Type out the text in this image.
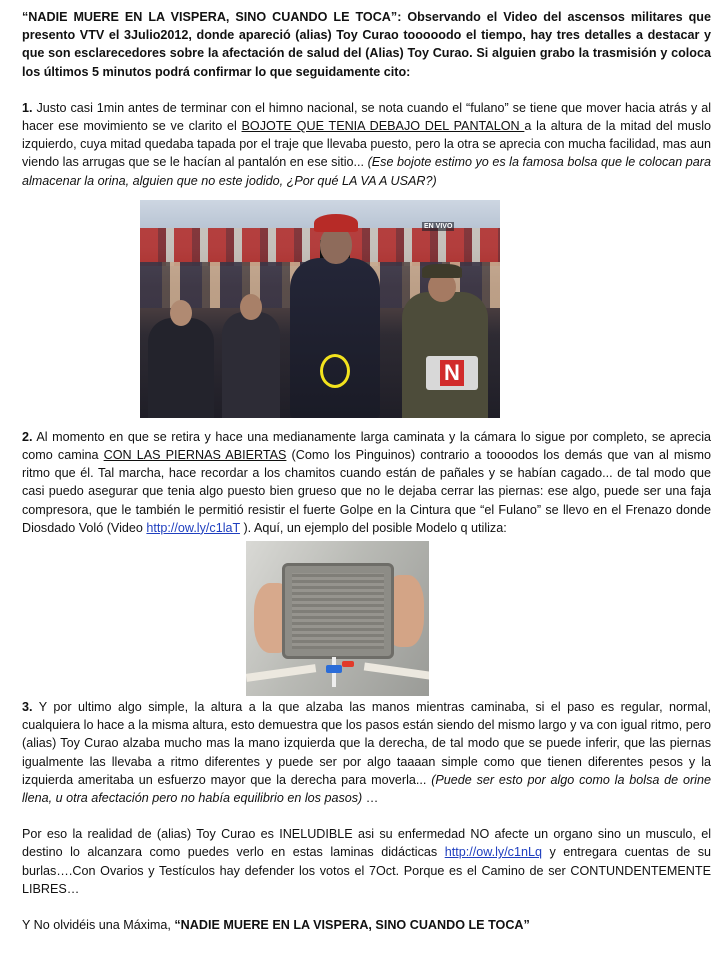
“NADIE MUERE EN LA VISPERA, SINO CUANDO LE TOCA”: Observando el Video del ascensos militares que presento VTV el 3Julio2012, donde apareció (alias) Toy Curao tooooodo el tiempo, hay tres detalles a destacar y que son esclarecedores sobre la afectación de salud del (Alias) Toy Curao. Si alguien grabo la trasmisión y coloca los últimos 5 minutos podrá confirmar lo que seguidamente cito:

1. Justo casi 1min antes de terminar con el himno nacional, se nota cuando el “fulano” se tiene que mover hacia atrás y al hacer ese movimiento se ve clarito el BOJOTE QUE TENIA DEBAJO DEL PANTALON a la altura de la mitad del muslo izquierdo, cuya mitad quedaba tapada por el traje que llevaba puesto, pero la otra se aprecia con mucha facilidad, mas aun viendo las arrugas que se le hacían al pantalón en ese sitio... (Ese bojote estimo yo es la famosa bolsa que le colocan para almacenar la orina, alguien que no este jodido, ¿Por qué LA VA A USAR?)

EN VIVO
N

2. Al momento en que se retira y hace una medianamente larga caminata y la cámara lo sigue por completo, se aprecia como camina CON LAS PIERNAS ABIERTAS (Como los Pinguinos) contrario a toooodos los demás que van al mismo ritmo que él. Tal marcha, hace recordar a los chamitos cuando están de pañales y se habían cagado... de tal modo que casi puedo asegurar que tenia algo puesto bien grueso que no le dejaba cerrar las piernas: ese algo, puede ser una faja compresora, que le también le permitió resistir el fuerte Golpe en la Cintura que “el Fulano” se llevo en el Frenazo donde Diosdado Voló (Video http://ow.ly/c1laT ). Aquí, un ejemplo del posible Modelo q utiliza:

3. Y por ultimo algo simple, la altura a la que alzaba las manos mientras caminaba, si el paso es regular, normal, cualquiera lo hace a la misma altura, esto demuestra que los pasos están siendo del mismo largo y va con igual ritmo, pero (alias) Toy Curao alzaba mucho mas la mano izquierda que la derecha, de tal modo que se puede inferir, que las piernas igualmente las llevaba a ritmo diferentes y puede ser por algo taaaan simple como que tienen diferentes pesos y la izquierda ameritaba un esfuerzo mayor que la derecha para moverla... (Puede ser esto por algo como la bolsa de orine llena, u otra afectación pero no había equilibrio en los pasos) …

Por eso la realidad de (alias) Toy Curao es INELUDIBLE asi su enfermedad NO afecte un organo sino un musculo, el destino lo alcanzara como puedes verlo en estas laminas didácticas http://ow.ly/c1nLq y entregara cuentas de su burlas….Con Ovarios y Testículos hay defender los votos el 7Oct. Porque es el Camino de ser CONTUNDENTEMENTE LIBRES…

Y No olvidéis una Máxima, “NADIE MUERE EN LA VISPERA, SINO CUANDO LE TOCA”
